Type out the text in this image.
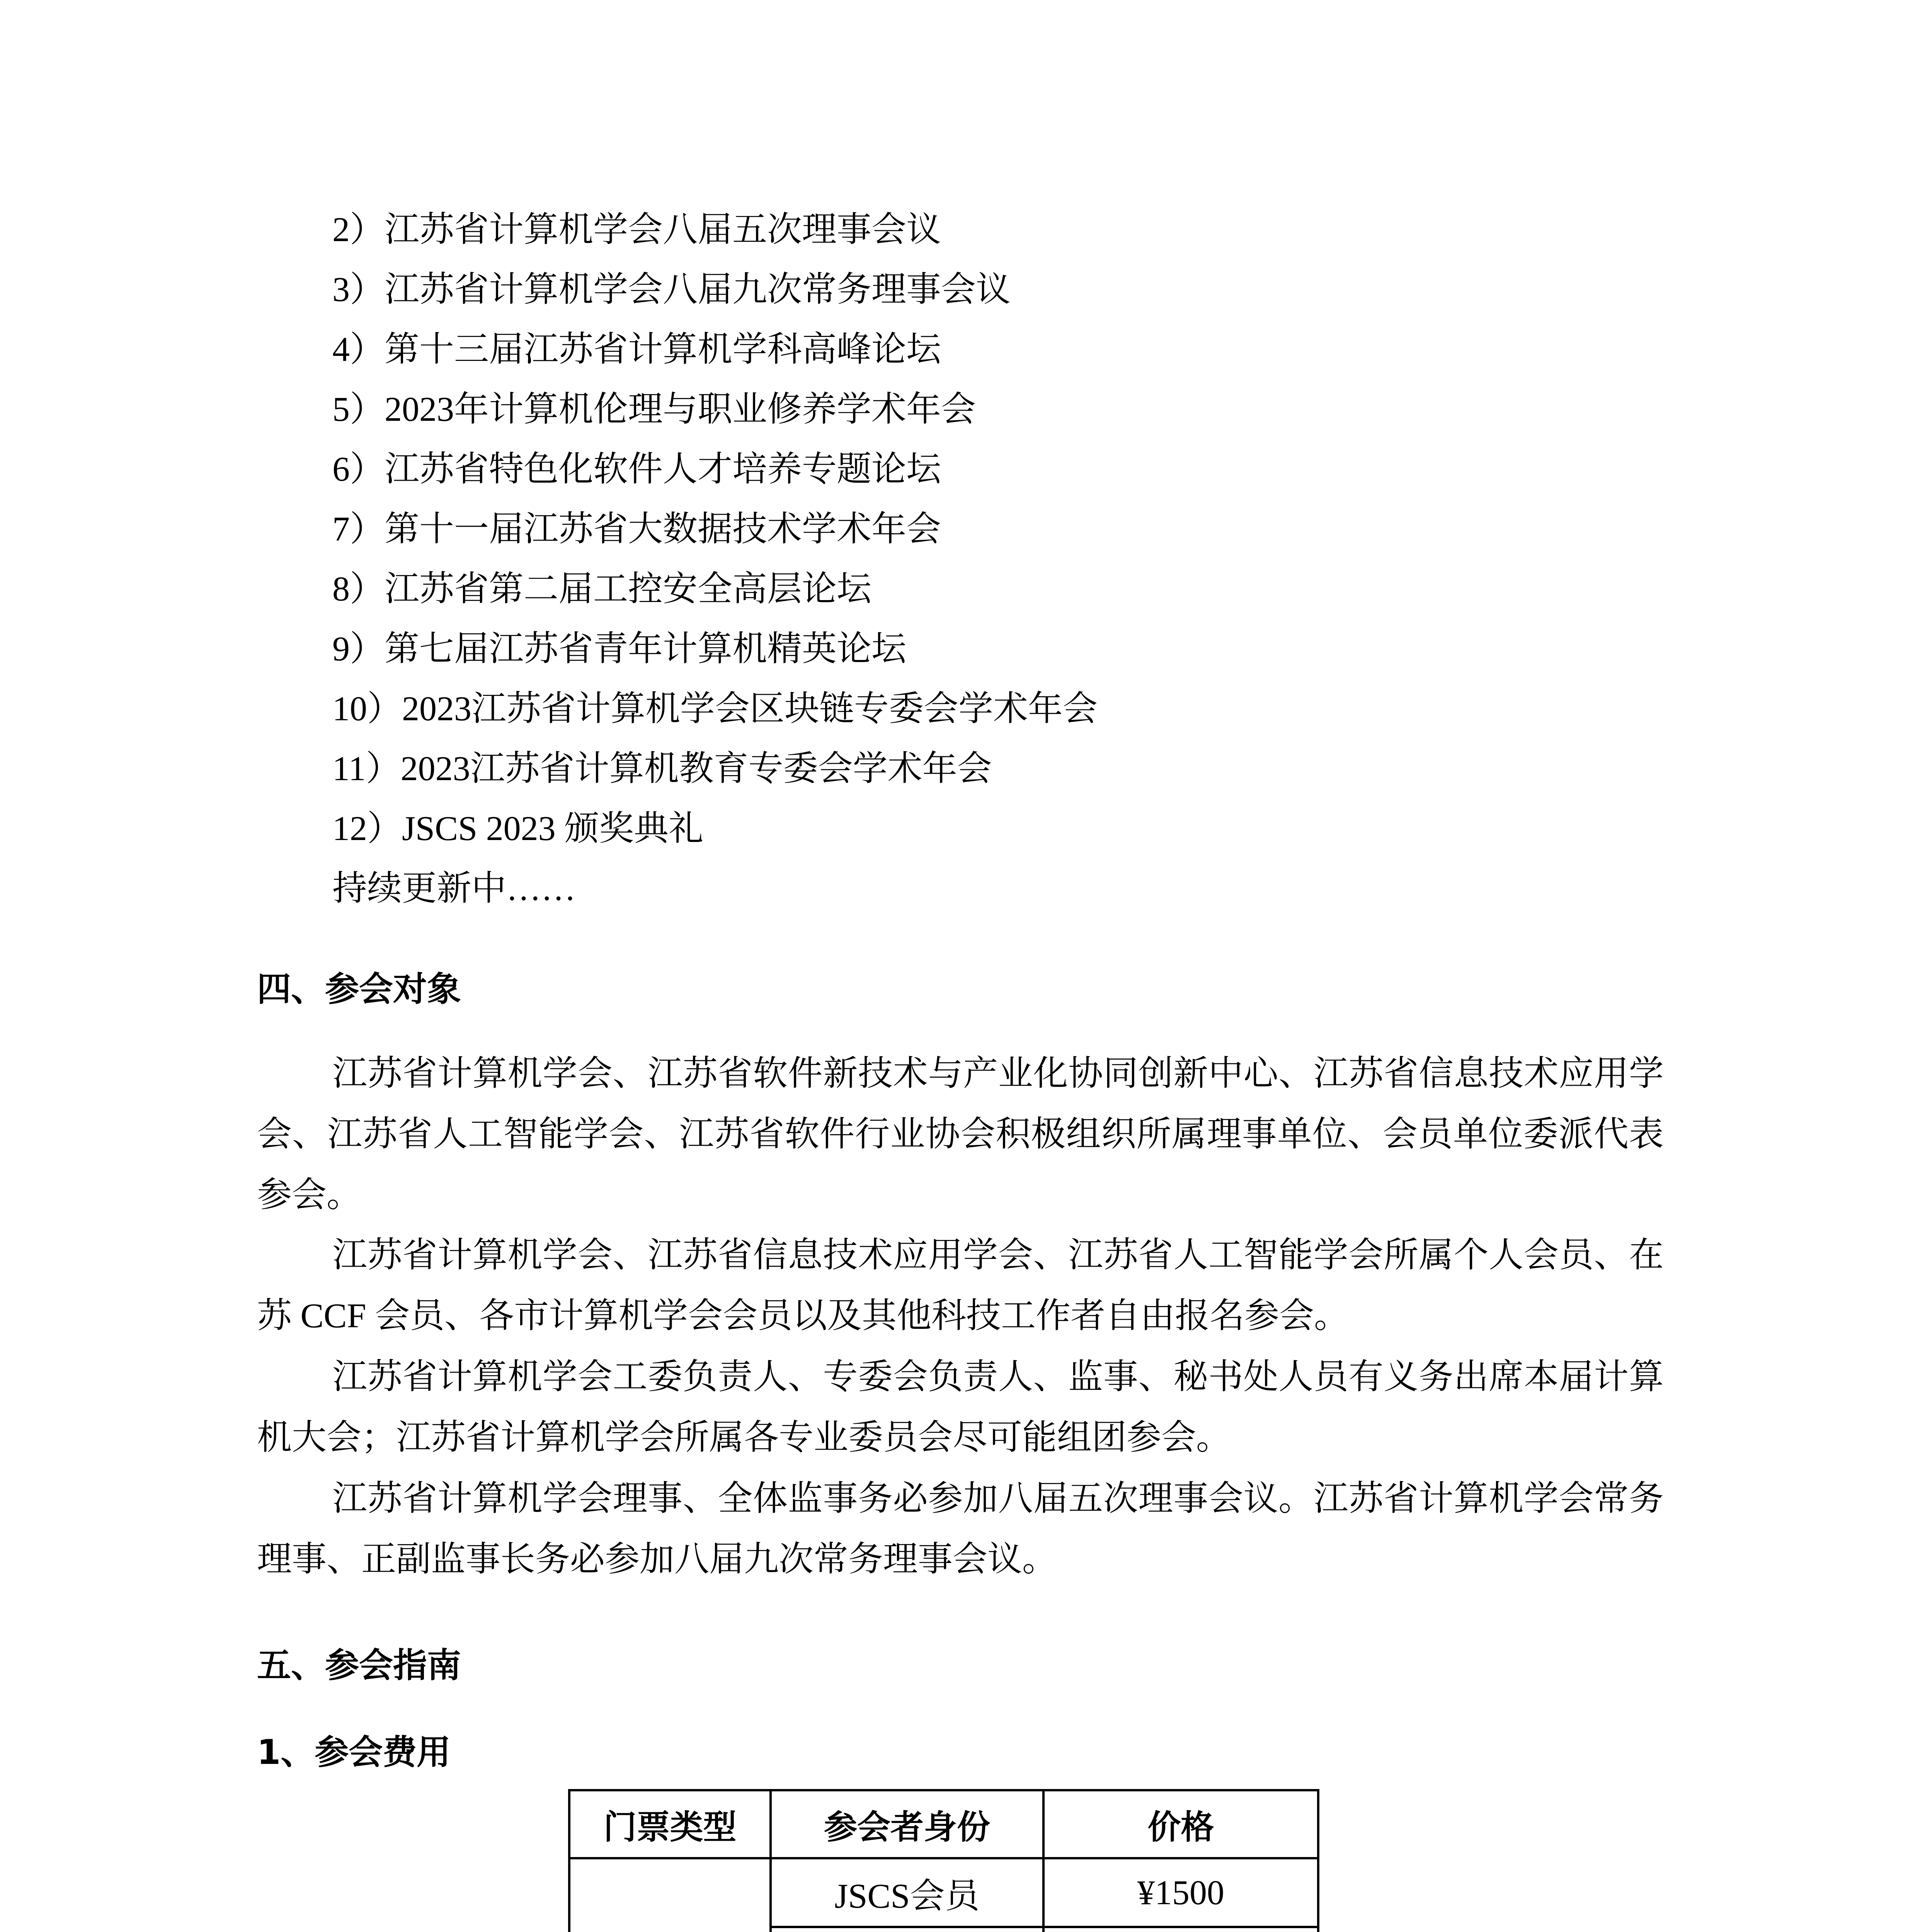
2）江苏省计算机学会八届五次理事会议
3）江苏省计算机学会八届九次常务理事会议
4）第十三届江苏省计算机学科高峰论坛
5）2023年计算机伦理与职业修养学术年会
6）江苏省特色化软件人才培养专题论坛
7）第十一届江苏省大数据技术学术年会
8）江苏省第二届工控安全高层论坛
9）第七届江苏省青年计算机精英论坛
10）2023江苏省计算机学会区块链专委会学术年会
11）2023江苏省计算机教育专委会学术年会
12）JSCS 2023 颁奖典礼
持续更新中……
四、参会对象
江苏省计算机学会、江苏省软件新技术与产业化协同创新中心、江苏省信息技术应用学会、江苏省人工智能学会、江苏省软件行业协会积极组织所属理事单位、会员单位委派代表参会。
江苏省计算机学会、江苏省信息技术应用学会、江苏省人工智能学会所属个人会员、在苏 CCF 会员、各市计算机学会会员以及其他科技工作者自由报名参会。
江苏省计算机学会工委负责人、专委会负责人、监事、秘书处人员有义务出席本届计算机大会；江苏省计算机学会所属各专业委员会尽可能组团参会。
江苏省计算机学会理事、全体监事务必参加八届五次理事会议。江苏省计算机学会常务理事、正副监事长务必参加八届九次常务理事会议。
五、参会指南
1、参会费用
门票类型	参会者身份	价格
	JSCS会员	¥1500
